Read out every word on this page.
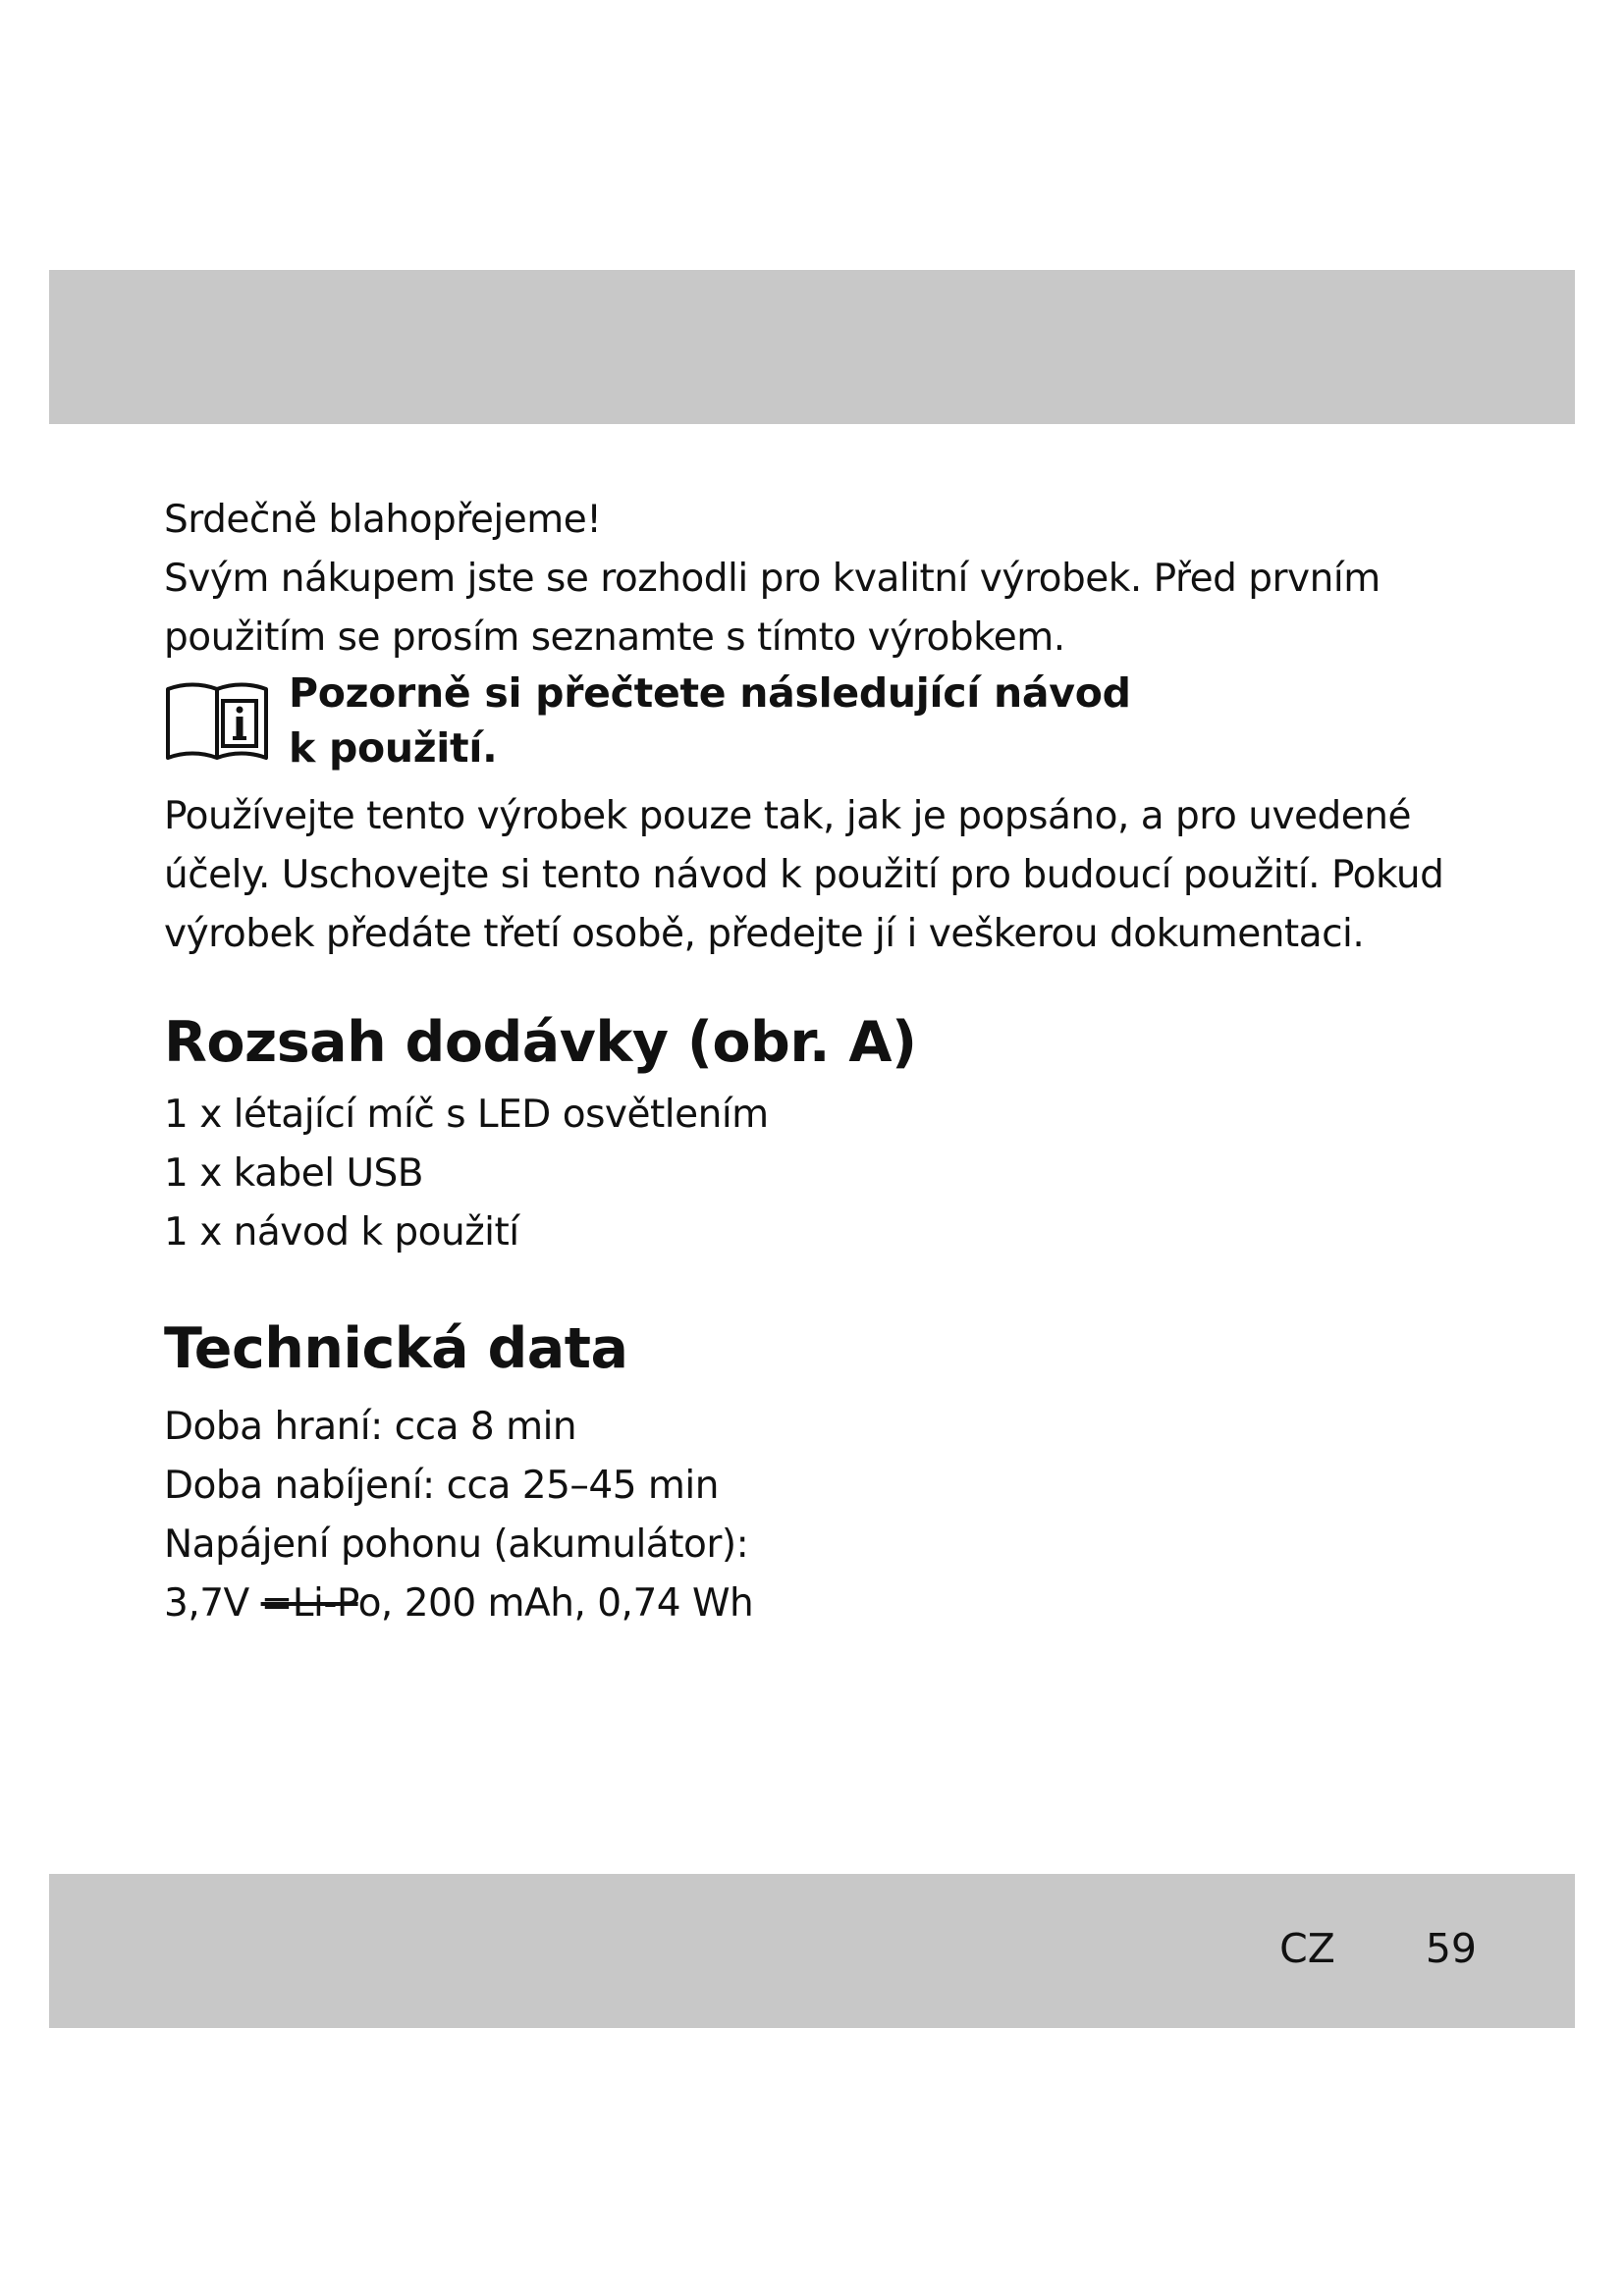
Srdečně blahopřejeme!
Svým nákupem jste se rozhodli pro kvalitní výrobek. Před prvním
použitím se prosím seznamte s tímto výrobkem.
Pozorně si přečtete následující návod
k použití.
Používejte tento výrobek pouze tak, jak je popsáno, a pro uvedené
účely. Uschovejte si tento návod k použití pro budoucí použití. Pokud
výrobek předáte třetí osobě, předejte jí i veškerou dokumentaci.
Rozsah dodávky (obr. A)
1 x létající míč s LED osvětlením
1 x kabel USB
1 x návod k použití
Technická data
Doba hraní: cca 8 min
Doba nabíjení: cca 25–45 min
Napájení pohonu (akumulátor):
3,7V =Li-Po, 200 mAh, 0,74 Wh
CZ 59
